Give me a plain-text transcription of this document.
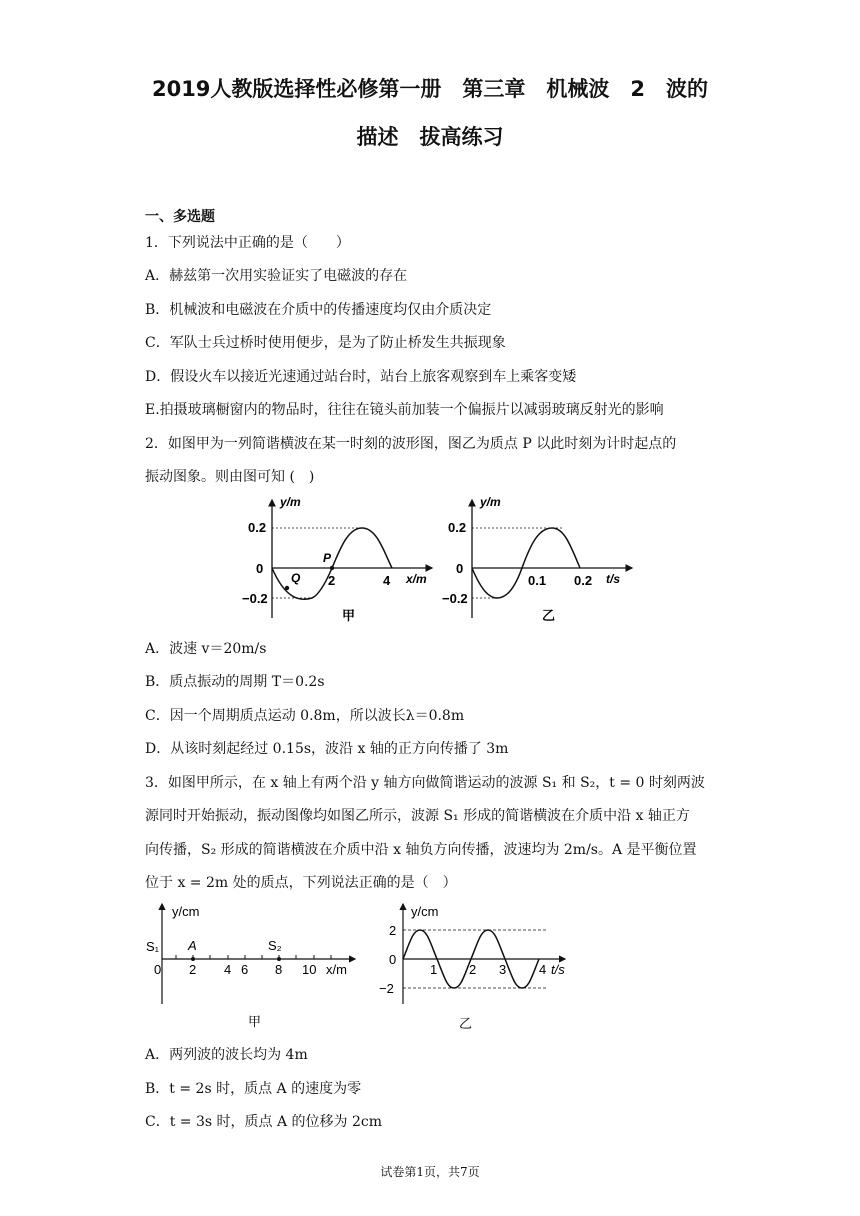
2019人教版选择性必修第一册　第三章　机械波　2　波的
描述　拔高练习
一、多选题
1．下列说法中正确的是（　　）
A．赫兹第一次用实验证实了电磁波的存在
B．机械波和电磁波在介质中的传播速度均仅由介质决定
C．军队士兵过桥时使用便步，是为了防止桥发生共振现象
D．假设火车以接近光速通过站台时，站台上旅客观察到车上乘客变矮
E.拍摄玻璃橱窗内的物品时，往往在镜头前加装一个偏振片以减弱玻璃反射光的影响
2．如图甲为一列简谐横波在某一时刻的波形图，图乙为质点 P 以此时刻为计时起点的
振动图象。则由图可知 (　)
y/m
0.2
0
−0.2
2	4 x/m
P
Q
甲
y/m
0.2
0
−0.2
0.1 0.2 t/s
乙
A．波速 v＝20m/s
B．质点振动的周期 T＝0.2s
C．因一个周期质点运动 0.8m，所以波长λ＝0.8m
D．从该时刻起经过 0.15s，波沿 x 轴的正方向传播了 3m
3．如图甲所示，在 x 轴上有两个沿 y 轴方向做简谐运动的波源 S₁ 和 S₂，t = 0 时刻两波
源同时开始振动，振动图像均如图乙所示，波源 S₁ 形成的简谐横波在介质中沿 x 轴正方
向传播，S₂ 形成的简谐横波在介质中沿 x 轴负方向传播，波速均为 2m/s。A 是平衡位置
位于 x = 2m 处的质点，下列说法正确的是（　）
y/cm
S₁ A	S₂
0 2 4 6 8 10 x/m
甲
y/cm
2
0
−2
1 2 3	4 t/s
乙
A．两列波的波长均为 4m
B．t = 2s 时，质点 A 的速度为零
C．t = 3s 时，质点 A 的位移为 2cm
试卷第1页，共7页
